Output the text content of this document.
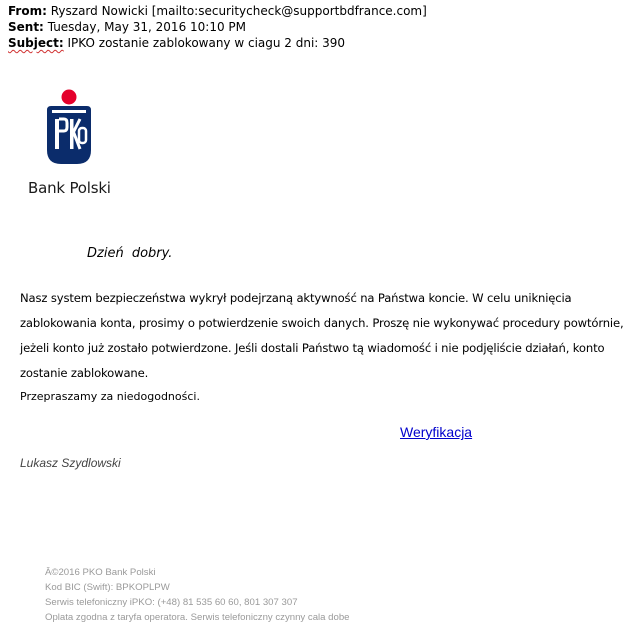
From: Ryszard Nowicki [mailto:securitycheck@supportbdfrance.com]
Sent: Tuesday, May 31, 2016 10:10 PM
Subject: IPKO zostanie zablokowany w ciagu 2 dni: 390
Bank Polski
Dzień dobry.
Nasz system bezpieczeństwa wykrył podejrzaną aktywność na Państwa koncie. W celu uniknięcia zablokowania konta, prosimy o potwierdzenie swoich danych. Proszę nie wykonywać procedury powtórnie, jeżeli konto już zostało potwierdzone. Jeśli dostali Państwo tą wiadomość i nie podjęliście działań, konto zostanie zablokowane.
Przepraszamy za niedogodności.
Weryfikacja
Lukasz Szydlowski
Â©2016 PKO Bank Polski
Kod BIC (Swift): BPKOPLPW
Serwis telefoniczny iPKO: (+48) 81 535 60 60, 801 307 307
Oplata zgodna z taryfa operatora. Serwis telefoniczny czynny cala dobe
